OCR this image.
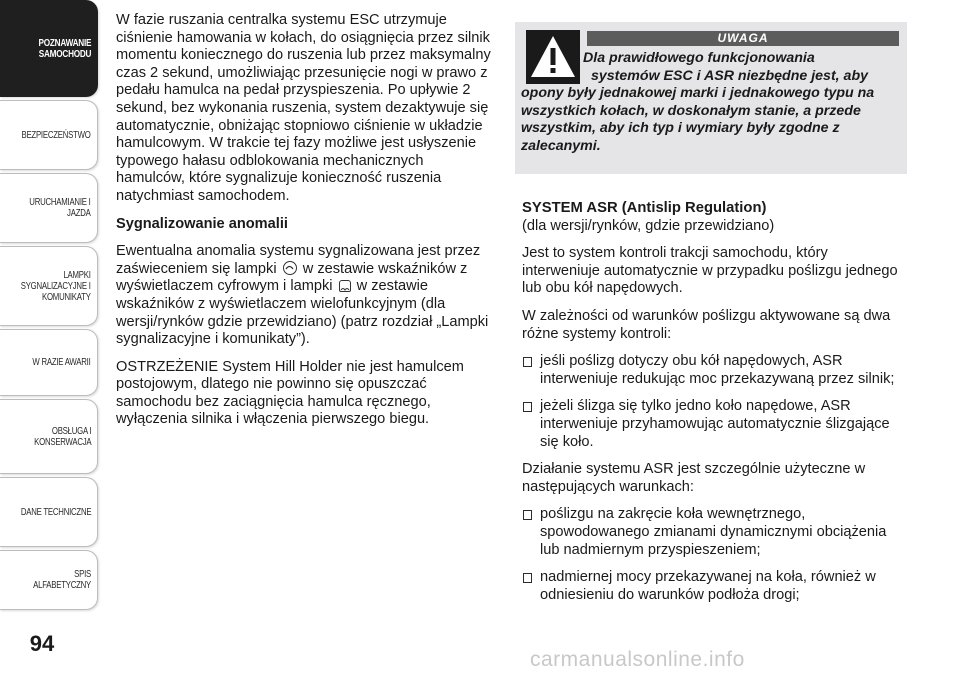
POZNAWANIE
SAMOCHODU
BEZPIECZEŃSTWO
URUCHAMIANIE I
JAZDA
LAMPKI
SYGNALIZACYJNE I
KOMUNIKATY
W RAZIE AWARII
OBSŁUGA I
KONSERWACJA
DANE TECHNICZNE
SPIS ALFABETYCZNY
94

W fazie ruszania centralka systemu ESC utrzymuje ciśnienie hamowania w kołach, do osiągnięcia przez silnik momentu koniecznego do ruszenia lub przez maksymalny czas 2 sekund, umożliwiając przesunięcie nogi w prawo z pedału hamulca na pedał przyspieszenia. Po upływie 2 sekund, bez wykonania ruszenia, system dezaktywuje się automatycznie, obniżając stopniowo ciśnienie w układzie hamulcowym. W trakcie tej fazy możliwe jest usłyszenie typowego hałasu odblokowania mechanicznych hamulców, które sygnalizuje konieczność ruszenia natychmiast samochodem.

Sygnalizowanie anomalii

Ewentualna anomalia systemu sygnalizowana jest przez zaświeceniem się lampki w zestawie wskaźników z wyświetlaczem cyfrowym i lampki w zestawie wskaźników z wyświetlaczem wielofunkcyjnym (dla wersji/rynków gdzie przewidziano) (patrz rozdział „Lampki sygnalizacyjne i komunikaty”).

OSTRZEŻENIE System Hill Holder nie jest hamulcem postojowym, dlatego nie powinno się opuszczać samochodu bez zaciągnięcia hamulca ręcznego, wyłączenia silnika i włączenia pierwszego biegu.

UWAGA
Dla prawidłowego funkcjonowania
systemów ESC i ASR niezbędne jest, aby
opony były jednakowej marki i jednakowego typu na wszystkich kołach, w doskonałym stanie, a przede wszystkim, aby ich typ i wymiary były zgodne z zalecanymi.

SYSTEM ASR (Antislip Regulation)

(dla wersji/rynków, gdzie przewidziano)

Jest to system kontroli trakcji samochodu, który interweniuje automatycznie w przypadku poślizgu jednego lub obu kół napędowych.

W zależności od warunków poślizgu aktywowane są dwa różne systemy kontroli:

jeśli poślizg dotyczy obu kół napędowych, ASR interweniuje redukując moc przekazywaną przez silnik;
jeżeli ślizga się tylko jedno koło napędowe, ASR interweniuje przyhamowując automatycznie ślizgające się koło.

Działanie systemu ASR jest szczególnie użyteczne w następujących warunkach:

poślizgu na zakręcie koła wewnętrznego, spowodowanego zmianami dynamicznymi obciążenia lub nadmiernym przyspieszeniem;
nadmiernej mocy przekazywanej na koła, również w odniesieniu do warunków podłoża drogi;
carmanualsonline.info
